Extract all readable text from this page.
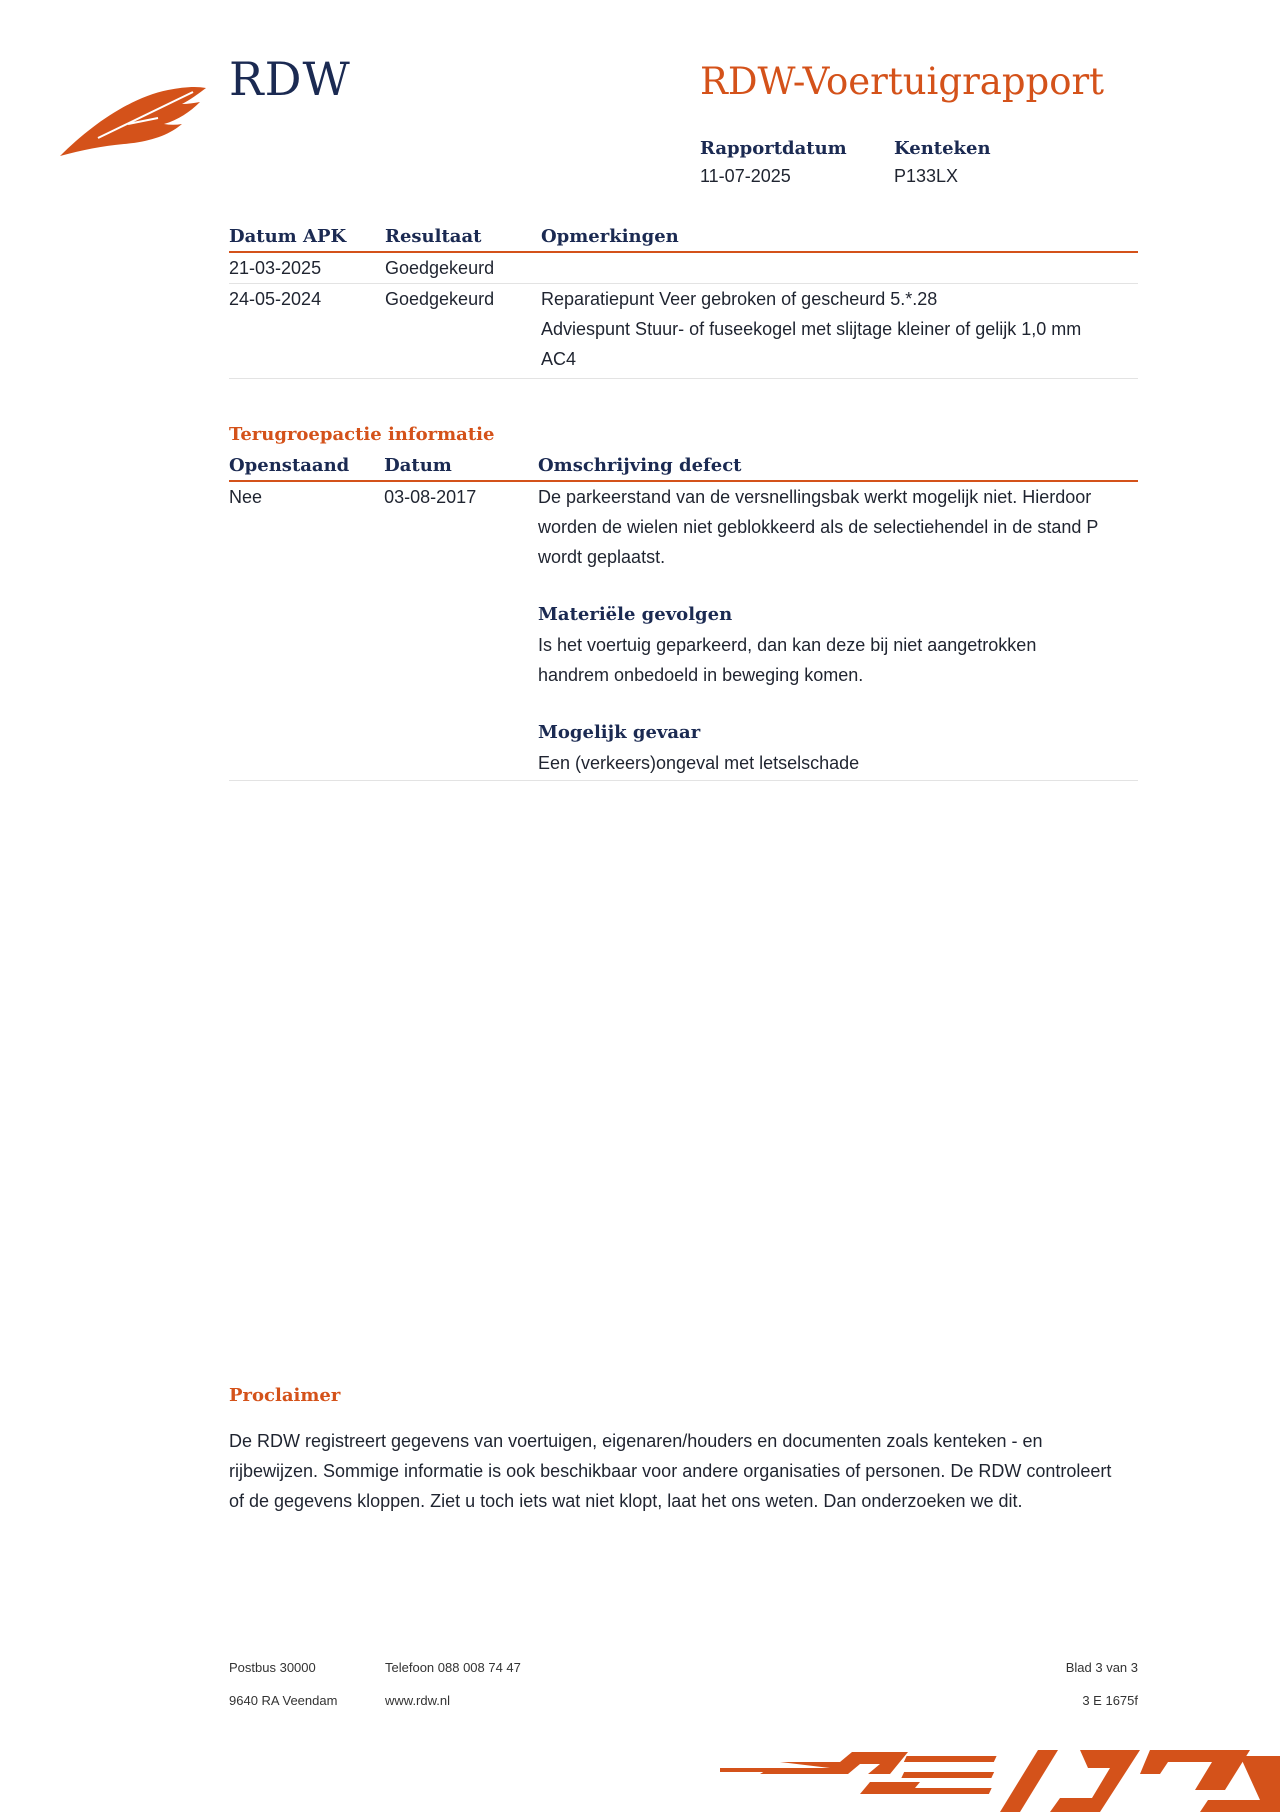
RDW	RDW-Voertuigrapport
Rapportdatum
11-07-2025
Kenteken
P133LX
Datum APK	Resultaat	Opmerkingen
21-03-2025	Goedgekeurd	
24-05-2024	Goedgekeurd	Reparatiepunt Veer gebroken of gescheurd 5.*.28
Adviespunt Stuur- of fuseekogel met slijtage kleiner of gelijk 1,0 mm AC4
Terugroepactie informatie
Openstaand	Datum	Omschrijving defect
Nee	03-08-2017	De parkeerstand van de versnellingsbak werkt mogelijk niet. Hierdoor worden de wielen niet geblokkeerd als de selectiehendel in de stand P wordt geplaatst.
Materiële gevolgen
Is het voertuig geparkeerd, dan kan deze bij niet aangetrokken handrem onbedoeld in beweging komen.
Mogelijk gevaar
Een (verkeers)ongeval met letselschade
Proclaimer
De RDW registreert gegevens van voertuigen, eigenaren/houders en documenten zoals kenteken - en rijbewijzen. Sommige informatie is ook beschikbaar voor andere organisaties of personen. De RDW controleert of de gegevens kloppen. Ziet u toch iets wat niet klopt, laat het ons weten. Dan onderzoeken we dit.
Postbus 30000
9640 RA Veendam
Telefoon 088 008 74 47
www.rdw.nl
Blad 3 van 3
3 E 1675f
